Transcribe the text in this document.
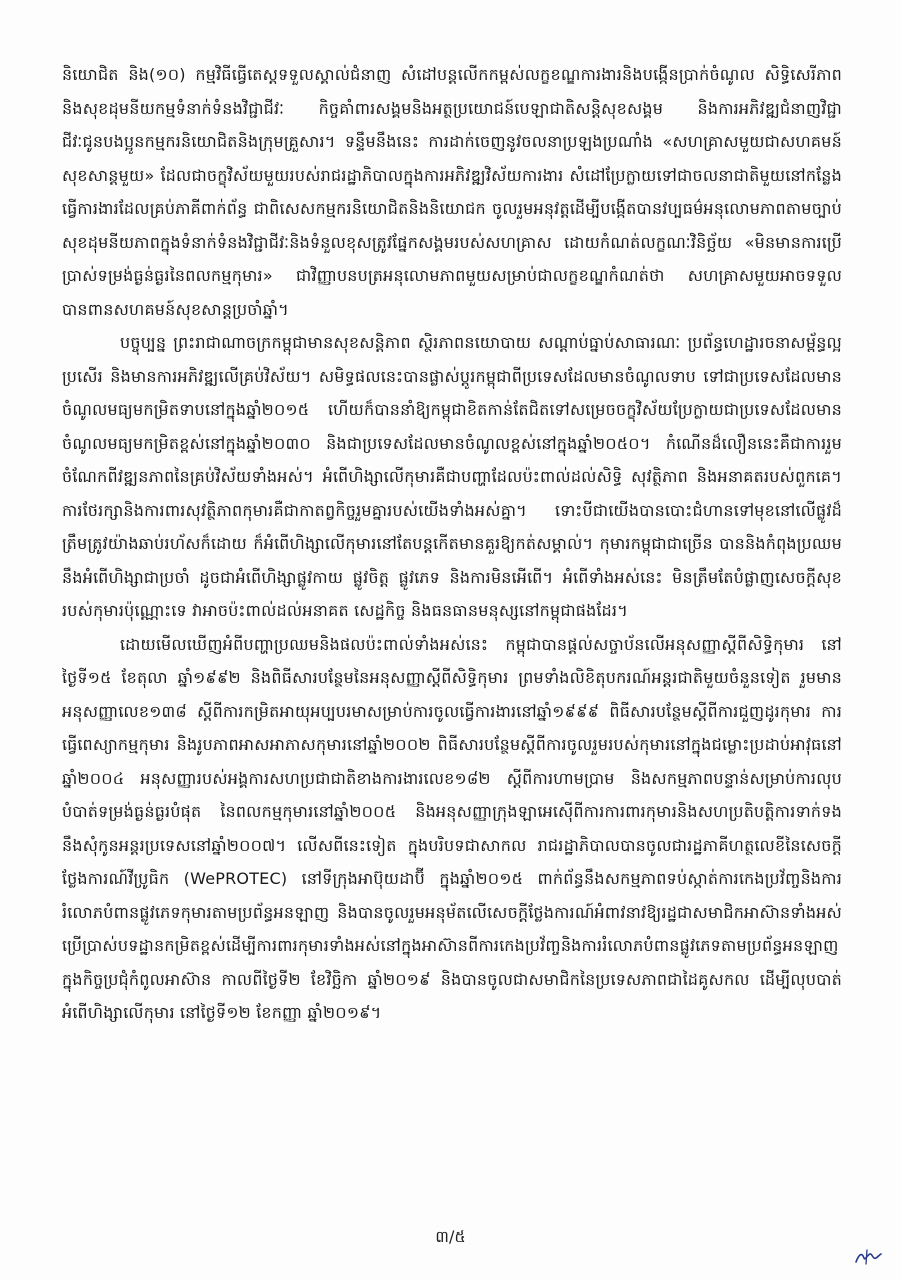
និយោជិត និង(១០) កម្មវិធីធ្វើតេស្តទទួលស្គាល់ជំនាញ សំដៅបន្តលើកកម្ពស់លក្ខខណ្ឌការងារនិងបង្កើនប្រាក់ចំណូល សិទ្ធិសេរីភាពនិងសុខដុមនីយកម្មទំនាក់ទំនងវិជ្ជាជីវៈ កិច្ចគាំពារសង្គមនិងអត្ថប្រយោជន៍បេឡាជាតិសន្តិសុខសង្គម និងការអភិវឌ្ឍជំនាញវិជ្ជាជីវៈជូនបងប្អូនកម្មករនិយោជិតនិងក្រុមគ្រួសារ។ ទន្ទឹមនឹងនេះ ការដាក់ចេញនូវចលនាប្រឡងប្រណាំង «សហគ្រាសមួយជាសហគមន៍សុខសាន្តមួយ» ដែលជាចក្ខុវិស័យមួយរបស់រាជរដ្ឋាភិបាលក្នុងការអភិវឌ្ឍវិស័យការងារ សំដៅប្រែក្លាយទៅជាចលនាជាតិមួយនៅកន្លែងធ្វើការងារដែលគ្រប់ភាគីពាក់ព័ន្ធ ជាពិសេសកម្មករនិយោជិតនិងនិយោជក ចូលរួមអនុវត្តដើម្បីបង្កើតបានវប្បធម៌អនុលោមភាពតាមច្បាប់ សុខដុមនីយភាពក្នុងទំនាក់ទំនងវិជ្ជាជីវៈនិងទំនួលខុសត្រូវផ្នែកសង្គមរបស់សហគ្រាស ដោយកំណត់លក្ខណៈវិនិច្ឆ័យ «មិនមានការប្រើប្រាស់ទម្រង់ធ្ងន់ធ្ងរនៃពលកម្មកុមារ» ជាវិញ្ញាបនបត្រអនុលោមភាពមួយសម្រាប់ជាលក្ខខណ្ឌកំណត់ថា សហគ្រាសមួយអាចទទួលបានពានសហគមន៍សុខសាន្តប្រចាំឆ្នាំ។

បច្ចុប្បន្ន ព្រះរាជាណាចក្រកម្ពុជាមានសុខសន្តិភាព ស្ថិរភាពនយោបាយ សណ្តាប់ធ្នាប់សាធារណៈ ប្រព័ន្ធហេដ្ឋារចនាសម្ព័ន្ធល្អប្រសើរ និងមានការអភិវឌ្ឍលើគ្រប់វិស័យ។ សមិទ្ធផលនេះបានផ្លាស់ប្តូរកម្ពុជាពីប្រទេសដែលមានចំណូលទាប ទៅជាប្រទេសដែលមានចំណូលមធ្យមកម្រិតទាបនៅក្នុងឆ្នាំ២០១៥ ហើយក៏បាននាំឱ្យកម្ពុជាខិតកាន់តែជិតទៅសម្រេចចក្ខុវិស័យប្រែក្លាយជាប្រទេសដែលមានចំណូលមធ្យមកម្រិតខ្ពស់នៅក្នុងឆ្នាំ២០៣០ និងជាប្រទេសដែលមានចំណូលខ្ពស់នៅក្នុងឆ្នាំ២០៥០។ កំណើនដ៏លឿននេះគឺជាការរួមចំណែកពីវឌ្ឍនភាពនៃគ្រប់វិស័យទាំងអស់។ អំពើហិង្សាលើកុមារគឺជាបញ្ហាដែលប៉ះពាល់ដល់សិទ្ធិ សុវត្ថិភាព និងអនាគតរបស់ពួកគេ។ ការថែរក្សានិងការពារសុវត្ថិភាពកុមារគឺជាកាតព្វកិច្ចរួមគ្នារបស់យើងទាំងអស់គ្នា។ ទោះបីជាយើងបានបោះជំហានទៅមុខនៅលើផ្លូវដ៏ត្រឹមត្រូវយ៉ាងឆាប់រហ័សក៏ដោយ ក៏អំពើហិង្សាលើកុមារនៅតែបន្តកើតមានគួរឱ្យកត់សម្គាល់។ កុមារកម្ពុជាជាច្រើន បាននិងកំពុងប្រឈមនឹងអំពើហិង្សាជាប្រចាំ ដូចជាអំពើហិង្សាផ្លូវកាយ ផ្លូវចិត្ត ផ្លូវភេទ និងការមិនអើពើ។ អំពើទាំងអស់នេះ មិនត្រឹមតែបំផ្លាញសេចក្តីសុខរបស់កុមារប៉ុណ្ណោះទេ វាអាចប៉ះពាល់ដល់អនាគត សេដ្ឋកិច្ច និងធនធានមនុស្សនៅកម្ពុជាផងដែរ។

ដោយមើលឃើញអំពីបញ្ហាប្រឈមនិងផលប៉ះពាល់ទាំងអស់នេះ កម្ពុជាបានផ្តល់សច្ចាប័នលើអនុសញ្ញាស្តីពីសិទ្ធិកុមារ នៅថ្ងៃទី១៥ ខែតុលា ឆ្នាំ១៩៩២ និងពិធីសារបន្ថែមនៃអនុសញ្ញាស្តីពីសិទ្ធិកុមារ ព្រមទាំងលិខិតុបករណ៍អន្តរជាតិមួយចំនួនទៀត រួមមាន អនុសញ្ញាលេខ១៣៨ ស្តីពីការកម្រិតអាយុអប្បបរមាសម្រាប់ការចូលធ្វើការងារនៅឆ្នាំ១៩៩៩ ពិធីសារបន្ថែមស្តីពីការជួញដូរកុមារ ការធ្វើពេស្យាកម្មកុមារ និងរូបភាពអាសអាភាសកុមារនៅឆ្នាំ២០០២ ពិធីសារបន្ថែមស្តីពីការចូលរួមរបស់កុមារនៅក្នុងជម្លោះប្រដាប់អាវុធនៅឆ្នាំ២០០៤ អនុសញ្ញារបស់អង្គការសហប្រជាជាតិខាងការងារលេខ១៨២ ស្តីពីការហាមប្រាម និងសកម្មភាពបន្ទាន់សម្រាប់ការលុបបំបាត់ទម្រង់ធ្ងន់ធ្ងរបំផុត នៃពលកម្មកុមារនៅឆ្នាំ២០០៥ និងអនុសញ្ញាក្រុងឡាអេស៊ើពីការការពារកុមារនិងសហប្រតិបត្តិការទាក់ទងនឹងសុំកូនអន្តរប្រទេសនៅឆ្នាំ២០០៧។ លើសពីនេះទៀត ក្នុងបរិបទជាសាកល រាជរដ្ឋាភិបាលបានចូលជារដ្ឋភាគីហត្ថលេខីនៃសេចក្តីថ្លែងការណ៍វីប្រូធិក (WePROTEC) នៅទីក្រុងអាប៊ុយដាប៊ី ក្នុងឆ្នាំ២០១៥ ពាក់ព័ន្ធនឹងសកម្មភាពទប់ស្កាត់ការកេងប្រវ័ញ្ចនិងការរំលោភបំពានផ្លូវភេទកុមារតាមប្រព័ន្ធអនឡាញ និងបានចូលរួមអនុម័តលើសេចក្តីថ្លែងការណ៍អំពាវនាវឱ្យរដ្ឋជាសមាជិកអាស៊ានទាំងអស់ ប្រើប្រាស់បទដ្ឋានកម្រិតខ្ពស់ដើម្បីការពារកុមារទាំងអស់នៅក្នុងអាស៊ានពីការកេងប្រវ័ញ្ចនិងការរំលោភបំពានផ្លូវភេទតាមប្រព័ន្ធអនឡាញក្នុងកិច្ចប្រជុំកំពូលអាស៊ាន កាលពីថ្ងៃទី២ ខែវិច្ឆិកា ឆ្នាំ២០១៩ និងបានចូលជាសមាជិកនៃប្រទេសភាពជាដៃគូសកល ដើម្បីលុបបាត់អំពើហិង្សាលើកុមារ នៅថ្ងៃទី១២ ខែកញ្ញា ឆ្នាំ២០១៩។

៣/៥
